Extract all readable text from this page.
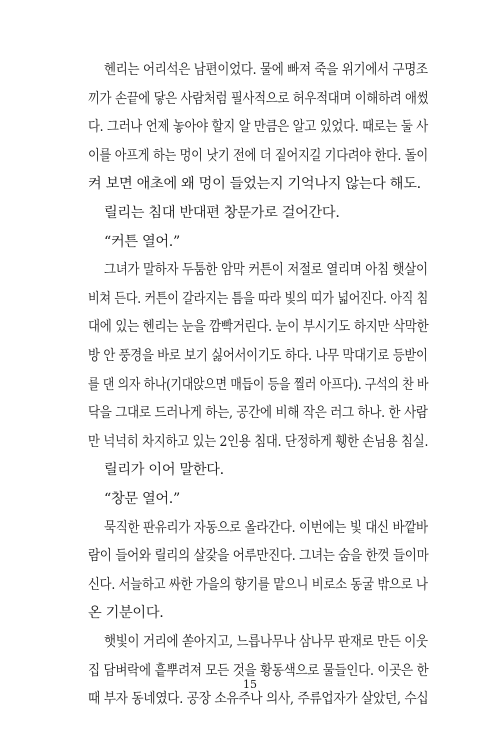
헨리는 어리석은 남편이었다. 물에 빠져 죽을 위기에서 구명조
끼가 손끝에 닿은 사람처럼 필사적으로 허우적대며 이해하려 애썼
다. 그러나 언제 놓아야 할지 알 만큼은 알고 있었다. 때로는 둘 사
이를 아프게 하는 멍이 낫기 전에 더 짙어지길 기다려야 한다. 돌이
켜 보면 애초에 왜 멍이 들었는지 기억나지 않는다 해도.
릴리는 침대 반대편 창문가로 걸어간다.
“커튼 열어.”
그녀가 말하자 두툼한 암막 커튼이 저절로 열리며 아침 햇살이
비쳐 든다. 커튼이 갈라지는 틈을 따라 빛의 띠가 넓어진다. 아직 침
대에 있는 헨리는 눈을 깜빡거린다. 눈이 부시기도 하지만 삭막한
방 안 풍경을 바로 보기 싫어서이기도 하다. 나무 막대기로 등받이
를 댄 의자 하나(기대앉으면 매듭이 등을 찔러 아프다). 구석의 찬 바
닥을 그대로 드러나게 하는, 공간에 비해 작은 러그 하나. 한 사람
만 넉넉히 차지하고 있는 2인용 침대. 단정하게 휑한 손님용 침실.
릴리가 이어 말한다.
“창문 열어.”
묵직한 판유리가 자동으로 올라간다. 이번에는 빛 대신 바깥바
람이 들어와 릴리의 살갗을 어루만진다. 그녀는 숨을 한껏 들이마
신다. 서늘하고 싸한 가을의 향기를 맡으니 비로소 동굴 밖으로 나
온 기분이다.
햇빛이 거리에 쏟아지고, 느릅나무나 삼나무 판재로 만든 이웃
집 담벼락에 흩뿌려져 모든 것을 황동색으로 물들인다. 이곳은 한
때 부자 동네였다. 공장 소유주나 의사, 주류업자가 살았던, 수십
15
